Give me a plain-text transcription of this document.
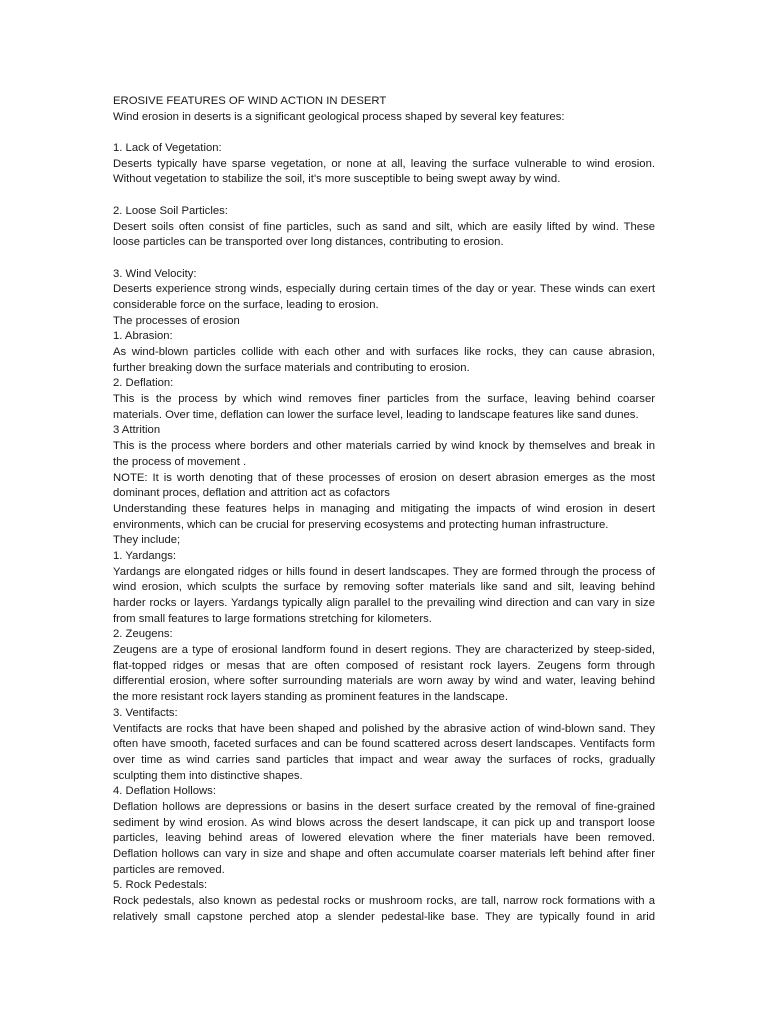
EROSIVE FEATURES OF WIND ACTION IN DESERT
Wind erosion in deserts is a significant geological process shaped by several key features:
1. Lack of Vegetation:
Deserts typically have sparse vegetation, or none at all, leaving the surface vulnerable to wind erosion.
Without vegetation to stabilize the soil, it's more susceptible to being swept away by wind.
2. Loose Soil Particles:
Desert soils often consist of fine particles, such as sand and silt, which are easily lifted by wind. These
loose particles can be transported over long distances, contributing to erosion.
3. Wind Velocity:
Deserts experience strong winds, especially during certain times of the day or year. These winds can exert
considerable force on the surface, leading to erosion.
The processes of erosion
1. Abrasion:
As wind-blown particles collide with each other and with surfaces like rocks, they can cause abrasion,
further breaking down the surface materials and contributing to erosion.
2. Deflation:
This is the process by which wind removes finer particles from the surface, leaving behind coarser
materials. Over time, deflation can lower the surface level, leading to landscape features like sand dunes.
3 Attrition
This is the process where borders and other materials carried by wind knock by themselves and break in
the process of movement .
NOTE: It is worth denoting that of these processes of erosion on desert abrasion emerges as the most
dominant proces, deflation and attrition act as cofactors
Understanding these features helps in managing and mitigating the impacts of wind erosion in desert
environments, which can be crucial for preserving ecosystems and protecting human infrastructure.
They include;
1. Yardangs:
Yardangs are elongated ridges or hills found in desert landscapes. They are formed through the process of
wind erosion, which sculpts the surface by removing softer materials like sand and silt, leaving behind
harder rocks or layers. Yardangs typically align parallel to the prevailing wind direction and can vary in size
from small features to large formations stretching for kilometers.
2. Zeugens:
Zeugens are a type of erosional landform found in desert regions. They are characterized by steep-sided,
flat-topped ridges or mesas that are often composed of resistant rock layers. Zeugens form through
differential erosion, where softer surrounding materials are worn away by wind and water, leaving behind
the more resistant rock layers standing as prominent features in the landscape.
3. Ventifacts:
Ventifacts are rocks that have been shaped and polished by the abrasive action of wind-blown sand. They
often have smooth, faceted surfaces and can be found scattered across desert landscapes. Ventifacts form
over time as wind carries sand particles that impact and wear away the surfaces of rocks, gradually
sculpting them into distinctive shapes.
4. Deflation Hollows:
Deflation hollows are depressions or basins in the desert surface created by the removal of fine-grained
sediment by wind erosion. As wind blows across the desert landscape, it can pick up and transport loose
particles, leaving behind areas of lowered elevation where the finer materials have been removed.
Deflation hollows can vary in size and shape and often accumulate coarser materials left behind after finer
particles are removed.
5. Rock Pedestals:
Rock pedestals, also known as pedestal rocks or mushroom rocks, are tall, narrow rock formations with a
relatively small capstone perched atop a slender pedestal-like base. They are typically found in arid
